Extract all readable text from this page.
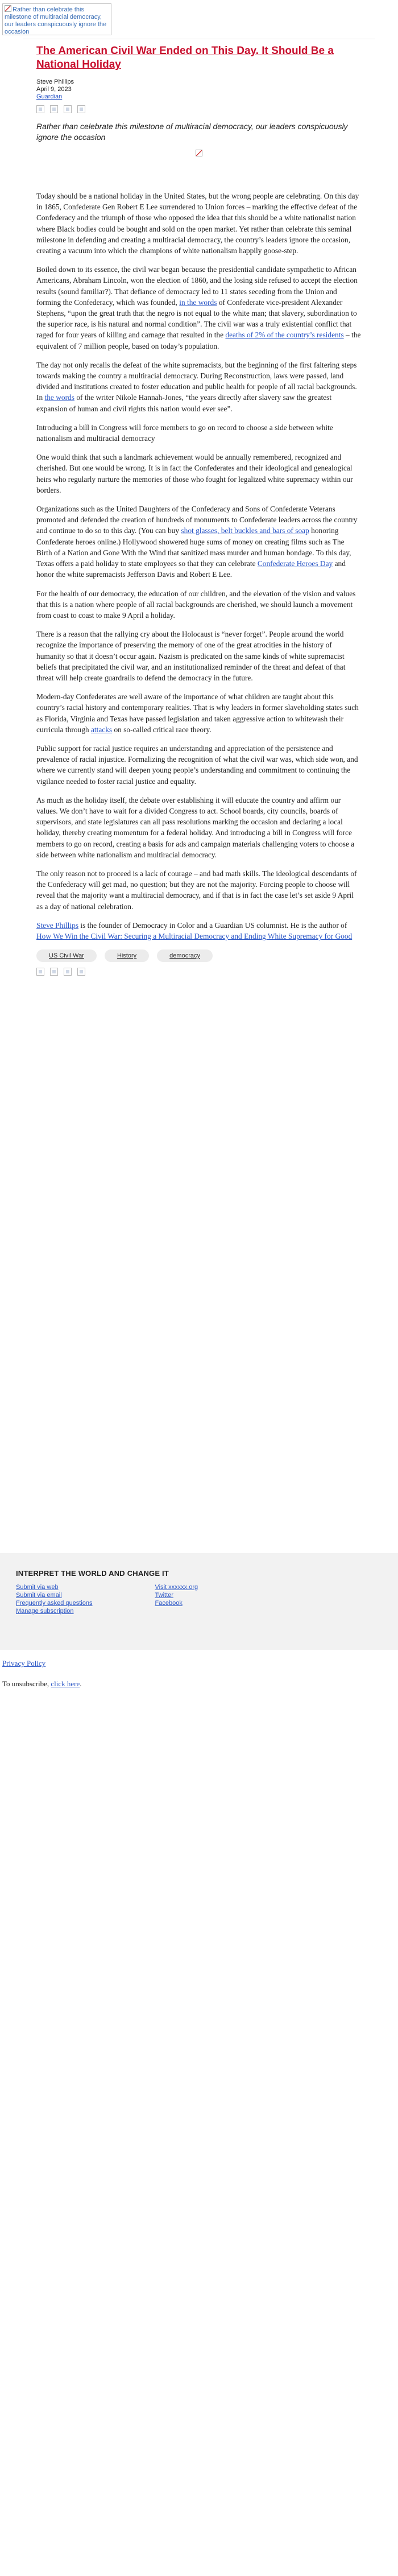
Rather than celebrate this milestone of multiracial democracy, our leaders conspicuously ignore the occasion
The American Civil War Ended on This Day. It Should Be a National Holiday
Steve Phillips
April 9, 2023
Guardian

Rather than celebrate this milestone of multiracial democracy, our leaders conspicuously ignore the occasion

Today should be a national holiday in the United States, but the wrong people are celebrating. On this day in 1865, Confederate Gen Robert E Lee surrendered to Union forces – marking the effective defeat of the Confederacy and the triumph of those who opposed the idea that this should be a white nationalist nation where Black bodies could be bought and sold on the open market. Yet rather than celebrate this seminal milestone in defending and creating a multiracial democracy, the country’s leaders ignore the occasion, creating a vacuum into which the champions of white nationalism happily goose-step.

Boiled down to its essence, the civil war began because the presidential candidate sympathetic to African Americans, Abraham Lincoln, won the election of 1860, and the losing side refused to accept the election results (sound familiar?). That defiance of democracy led to 11 states seceding from the Union and forming the Confederacy, which was founded, in the words of Confederate vice-president Alexander Stephens, “upon the great truth that the negro is not equal to the white man; that slavery, subordination to the superior race, is his natural and normal condition”. The civil war was a truly existential conflict that raged for four years of killing and carnage that resulted in the deaths of 2% of the country’s residents – the equivalent of 7 million people, based on today’s population.

The day not only recalls the defeat of the white supremacists, but the beginning of the first faltering steps towards making the country a multiracial democracy. During Reconstruction, laws were passed, land divided and institutions created to foster education and public health for people of all racial backgrounds. In the words of the writer Nikole Hannah-Jones, “the years directly after slavery saw the greatest expansion of human and civil rights this nation would ever see”.

Introducing a bill in Congress will force members to go on record to choose a side between white nationalism and multiracial democracy

One would think that such a landmark achievement would be annually remembered, recognized and cherished. But one would be wrong. It is in fact the Confederates and their ideological and genealogical heirs who regularly nurture the memories of those who fought for legalized white supremacy within our borders.

Organizations such as the United Daughters of the Confederacy and Sons of Confederate Veterans promoted and defended the creation of hundreds of monuments to Confederate leaders across the country and continue to do so to this day. (You can buy shot glasses, belt buckles and bars of soap honoring Confederate heroes online.) Hollywood showered huge sums of money on creating films such as The Birth of a Nation and Gone With the Wind that sanitized mass murder and human bondage. To this day, Texas offers a paid holiday to state employees so that they can celebrate Confederate Heroes Day and honor the white supremacists Jefferson Davis and Robert E Lee.

For the health of our democracy, the education of our children, and the elevation of the vision and values that this is a nation where people of all racial backgrounds are cherished, we should launch a movement from coast to coast to make 9 April a holiday.

There is a reason that the rallying cry about the Holocaust is “never forget”. People around the world recognize the importance of preserving the memory of one of the great atrocities in the history of humanity so that it doesn’t occur again. Nazism is predicated on the same kinds of white supremacist beliefs that precipitated the civil war, and an institutionalized reminder of the threat and defeat of that threat will help create guardrails to defend the democracy in the future.

Modern-day Confederates are well aware of the importance of what children are taught about this country’s racial history and contemporary realities. That is why leaders in former slaveholding states such as Florida, Virginia and Texas have passed legislation and taken aggressive action to whitewash their curricula through attacks on so-called critical race theory.

Public support for racial justice requires an understanding and appreciation of the persistence and prevalence of racial injustice. Formalizing the recognition of what the civil war was, which side won, and where we currently stand will deepen young people’s understanding and commitment to continuing the vigilance needed to foster racial justice and equality.

As much as the holiday itself, the debate over establishing it will educate the country and affirm our values. We don’t have to wait for a divided Congress to act. School boards, city councils, boards of supervisors, and state legislatures can all pass resolutions marking the occasion and declaring a local holiday, thereby creating momentum for a federal holiday. And introducing a bill in Congress will force members to go on record, creating a basis for ads and campaign materials challenging voters to choose a side between white nationalism and multiracial democracy.

The only reason not to proceed is a lack of courage – and bad math skills. The ideological descendants of the Confederacy will get mad, no question; but they are not the majority. Forcing people to choose will reveal that the majority want a multiracial democracy, and if that is in fact the case let’s set aside 9 April as a day of national celebration.

Steve Phillips is the founder of Democracy in Color and a Guardian US columnist. He is the author of How We Win the Civil War: Securing a Multiracial Democracy and Ending White Supremacy for Good

US Civil War	History	democracy
INTERPRET THE WORLD AND CHANGE IT
Submit via web
Submit via email
Frequently asked questions
Manage subscription
Visit xxxxxx.org
Twitter
Facebook

Privacy Policy

To unsubscribe, click here.
